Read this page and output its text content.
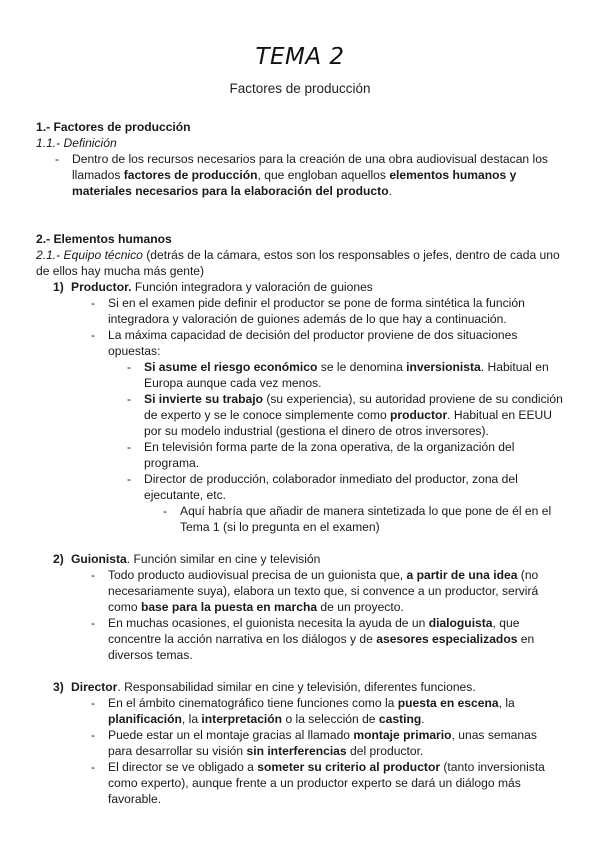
TEMA 2
Factores de producción
1.- Factores de producción
1.1.- Definición
- Dentro de los recursos necesarios para la creación de una obra audiovisual destacan los
llamados factores de producción, que engloban aquellos elementos humanos y
materiales necesarios para la elaboración del producto.
2.- Elementos humanos
2.1.- Equipo técnico (detrás de la cámara, estos son los responsables o jefes, dentro de cada uno
de ellos hay mucha más gente)
1) Productor. Función integradora y valoración de guiones
- Si en el examen pide definir el productor se pone de forma sintética la función
integradora y valoración de guiones además de lo que hay a continuación.
- La máxima capacidad de decisión del productor proviene de dos situaciones
opuestas:
- Si asume el riesgo económico se le denomina inversionista. Habitual en
Europa aunque cada vez menos.
- Si invierte su trabajo (su experiencia), su autoridad proviene de su condición
de experto y se le conoce simplemente como productor. Habitual en EEUU
por su modelo industrial (gestiona el dinero de otros inversores).
- En televisión forma parte de la zona operativa, de la organización del
programa.
- Director de producción, colaborador inmediato del productor, zona del
ejecutante, etc.
- Aquí habría que añadir de manera sintetizada lo que pone de él en el
Tema 1 (si lo pregunta en el examen)
2) Guionista. Función similar en cine y televisión
- Todo producto audiovisual precisa de un guionista que, a partir de una idea (no
necesariamente suya), elabora un texto que, si convence a un productor, servirá
como base para la puesta en marcha de un proyecto.
- En muchas ocasiones, el guionista necesita la ayuda de un dialoguista, que
concentre la acción narrativa en los diálogos y de asesores especializados en
diversos temas.
3) Director. Responsabilidad similar en cine y televisión, diferentes funciones.
- En el ámbito cinematográfico tiene funciones como la puesta en escena, la
planificación, la interpretación o la selección de casting.
- Puede estar un el montaje gracias al llamado montaje primario, unas semanas
para desarrollar su visión sin interferencias del productor.
- El director se ve obligado a someter su criterio al productor (tanto inversionista
como experto), aunque frente a un productor experto se dará un diálogo más
favorable.
